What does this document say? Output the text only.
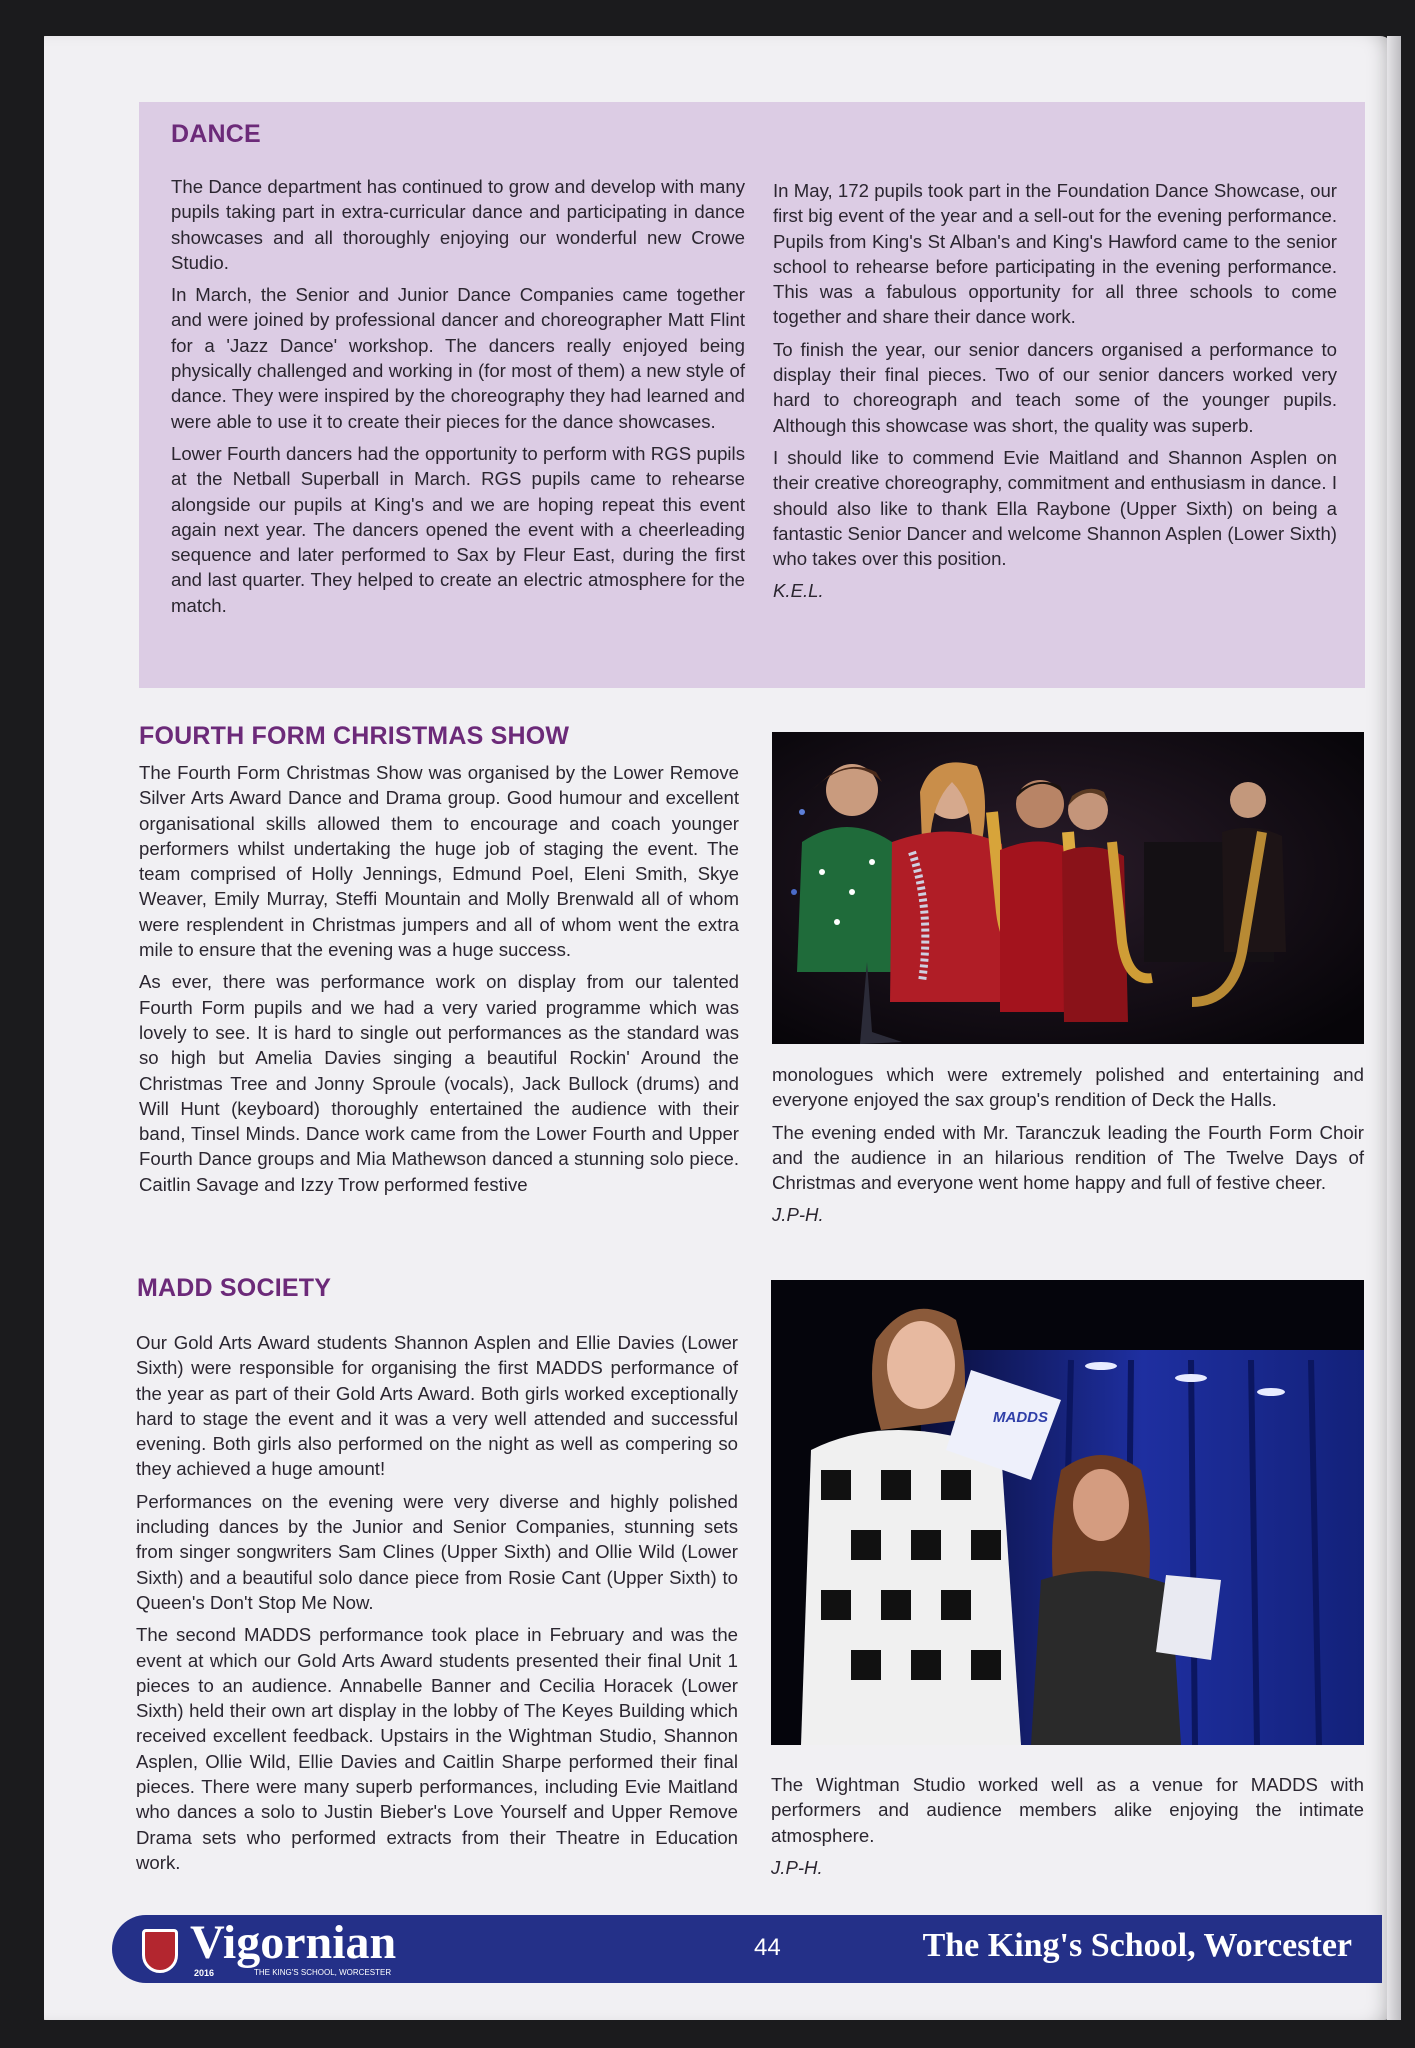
DANCE

The Dance department has continued to grow and develop with many pupils taking part in extra-curricular dance and participating in dance showcases and all thoroughly enjoying our wonderful new Crowe Studio.

In March, the Senior and Junior Dance Companies came together and were joined by professional dancer and choreographer Matt Flint for a 'Jazz Dance' workshop. The dancers really enjoyed being physically challenged and working in (for most of them) a new style of dance. They were inspired by the choreography they had learned and were able to use it to create their pieces for the dance showcases.

Lower Fourth dancers had the opportunity to perform with RGS pupils at the Netball Superball in March. RGS pupils came to rehearse alongside our pupils at King's and we are hoping repeat this event again next year. The dancers opened the event with a cheerleading sequence and later performed to Sax by Fleur East, during the first and last quarter. They helped to create an electric atmosphere for the match.

In May, 172 pupils took part in the Foundation Dance Showcase, our first big event of the year and a sell-out for the evening performance. Pupils from King's St Alban's and King's Hawford came to the senior school to rehearse before participating in the evening performance. This was a fabulous opportunity for all three schools to come together and share their dance work.

To finish the year, our senior dancers organised a performance to display their final pieces. Two of our senior dancers worked very hard to choreograph and teach some of the younger pupils. Although this showcase was short, the quality was superb.

I should like to commend Evie Maitland and Shannon Asplen on their creative choreography, commitment and enthusiasm in dance. I should also like to thank Ella Raybone (Upper Sixth) on being a fantastic Senior Dancer and welcome Shannon Asplen (Lower Sixth) who takes over this position.

K.E.L.

FOURTH FORM CHRISTMAS SHOW

The Fourth Form Christmas Show was organised by the Lower Remove Silver Arts Award Dance and Drama group. Good humour and excellent organisational skills allowed them to encourage and coach younger performers whilst undertaking the huge job of staging the event. The team comprised of Holly Jennings, Edmund Poel, Eleni Smith, Skye Weaver, Emily Murray, Steffi Mountain and Molly Brenwald all of whom were resplendent in Christmas jumpers and all of whom went the extra mile to ensure that the evening was a huge success.

As ever, there was performance work on display from our talented Fourth Form pupils and we had a very varied programme which was lovely to see. It is hard to single out performances as the standard was so high but Amelia Davies singing a beautiful Rockin' Around the Christmas Tree and Jonny Sproule (vocals), Jack Bullock (drums) and Will Hunt (keyboard) thoroughly entertained the audience with their band, Tinsel Minds. Dance work came from the Lower Fourth and Upper Fourth Dance groups and Mia Mathewson danced a stunning solo piece. Caitlin Savage and Izzy Trow performed festive

monologues which were extremely polished and entertaining and everyone enjoyed the sax group's rendition of Deck the Halls.

The evening ended with Mr. Taranczuk leading the Fourth Form Choir and the audience in an hilarious rendition of The Twelve Days of Christmas and everyone went home happy and full of festive cheer.

J.P-H.

MADD SOCIETY

Our Gold Arts Award students Shannon Asplen and Ellie Davies (Lower Sixth) were responsible for organising the first MADDS performance of the year as part of their Gold Arts Award. Both girls worked exceptionally hard to stage the event and it was a very well attended and successful evening. Both girls also performed on the night as well as compering so they achieved a huge amount!

Performances on the evening were very diverse and highly polished including dances by the Junior and Senior Companies, stunning sets from singer songwriters Sam Clines (Upper Sixth) and Ollie Wild (Lower Sixth) and a beautiful solo dance piece from Rosie Cant (Upper Sixth) to Queen's Don't Stop Me Now.

The second MADDS performance took place in February and was the event at which our Gold Arts Award students presented their final Unit 1 pieces to an audience. Annabelle Banner and Cecilia Horacek (Lower Sixth) held their own art display in the lobby of The Keyes Building which received excellent feedback. Upstairs in the Wightman Studio, Shannon Asplen, Ollie Wild, Ellie Davies and Caitlin Sharpe performed their final pieces. There were many superb performances, including Evie Maitland who dances a solo to Justin Bieber's Love Yourself and Upper Remove Drama sets who performed extracts from their Theatre in Education work.

MADDS

The Wightman Studio worked well as a venue for MADDS with performers and audience members alike enjoying the intimate atmosphere.

J.P-H.

Vigornian
2016	THE KING'S SCHOOL, WORCESTER
44	The King's School, Worcester
